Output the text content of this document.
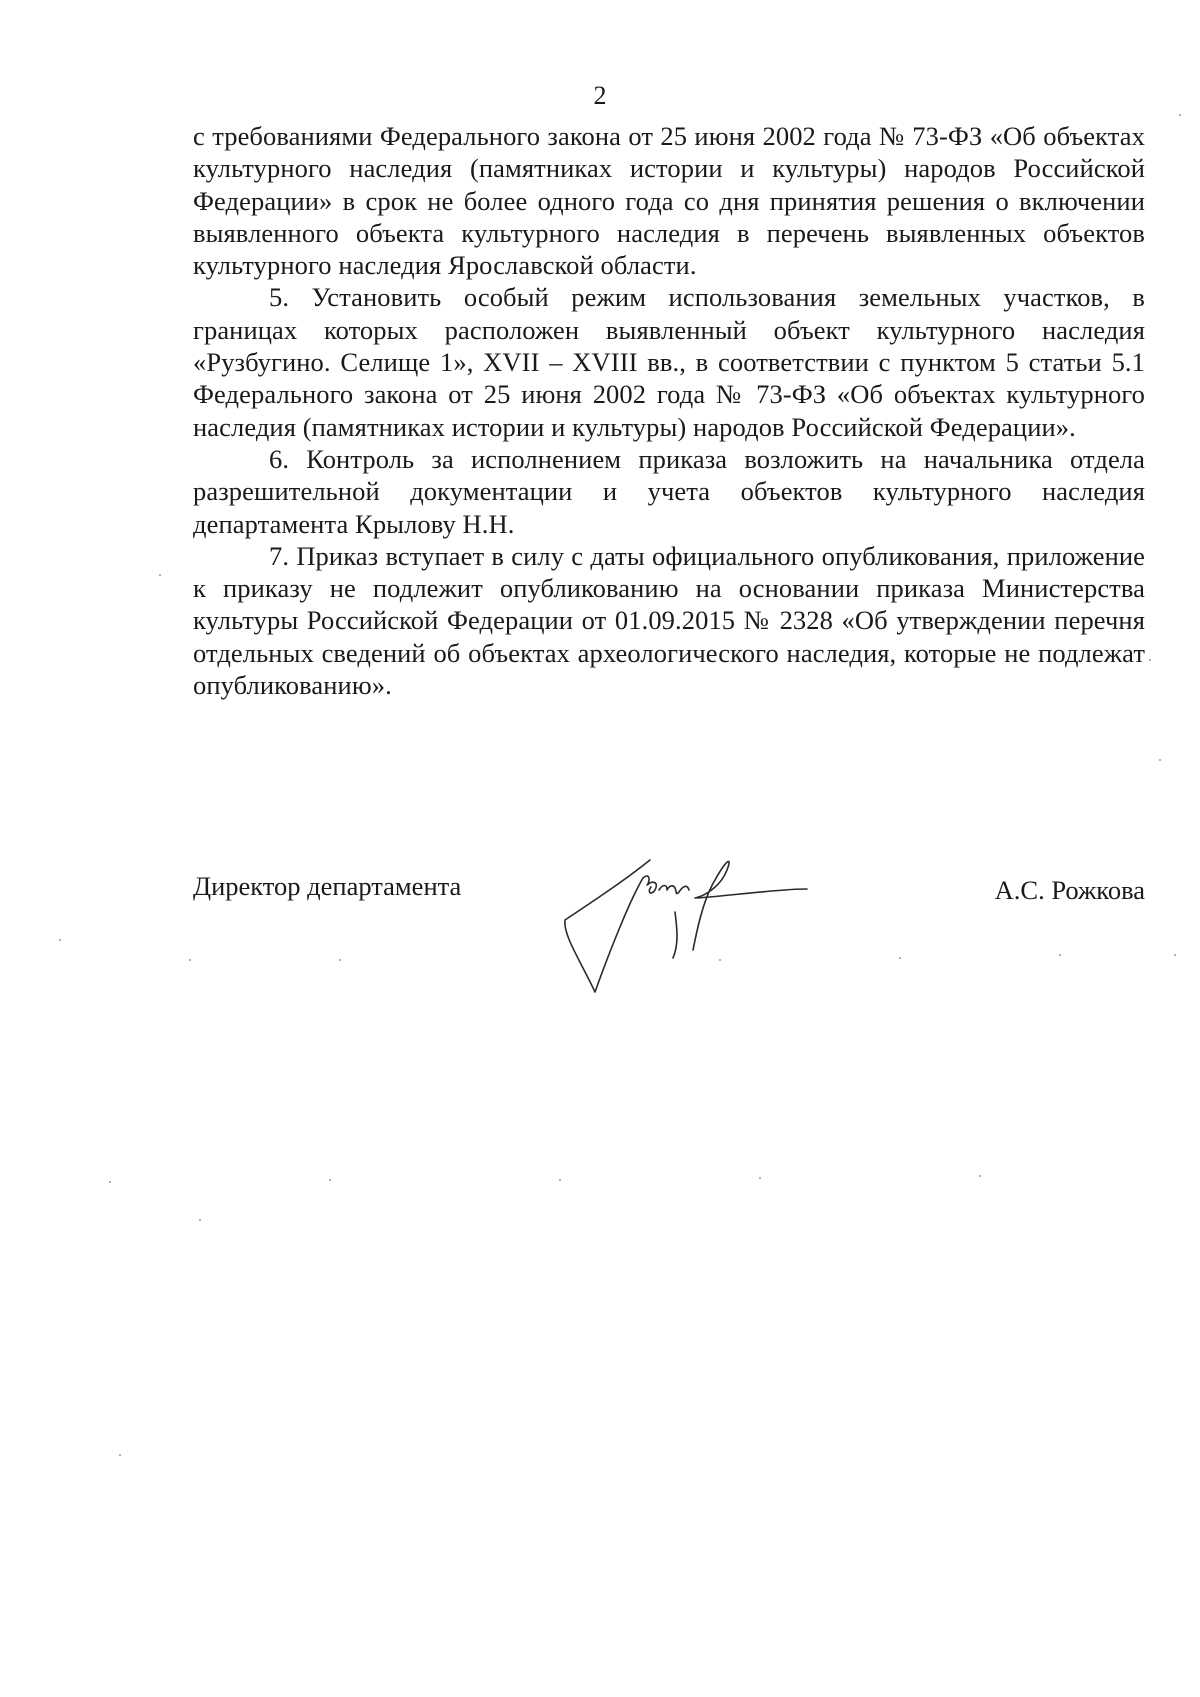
2

с требованиями Федерального закона от 25 июня 2002 года № 73-ФЗ «Об объектах культурного наследия (памятниках истории и культуры) народов Российской Федерации» в срок не более одного года со дня принятия решения о включении выявленного объекта культурного наследия в перечень выявленных объектов культурного наследия Ярославской области.

5. Установить особый режим использования земельных участков, в границах которых расположен выявленный объект культурного наследия «Рузбугино. Селище 1», XVII – XVIII вв., в соответствии с пунктом 5 статьи 5.1 Федерального закона от 25 июня 2002 года № 73-ФЗ «Об объектах культурного наследия (памятниках истории и культуры) народов Российской Федерации».

6. Контроль за исполнением приказа возложить на начальника отдела разрешительной документации и учета объектов культурного наследия департамента Крылову Н.Н.

7. Приказ вступает в силу с даты официального опубликования, приложение к приказу не подлежит опубликованию на основании приказа Министерства культуры Российской Федерации от 01.09.2015 № 2328 «Об утверждении перечня отдельных сведений об объектах археологического наследия, которые не подлежат опубликованию».

Директор департамента	А.С. Рожкова
